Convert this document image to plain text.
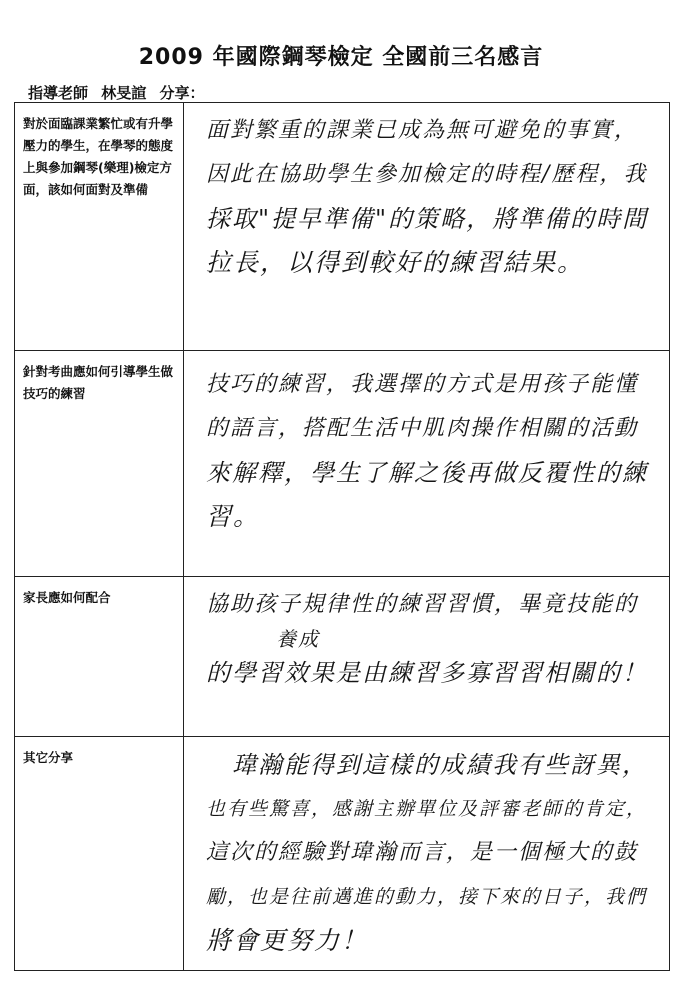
2009 年國際鋼琴檢定 全國前三名感言
指導老師 林旻諠 分享：
對於面臨課業繁忙或有升學壓力的學生，在學琴的態度上與參加鋼琴(樂理)檢定方面，該如何面對及準備	面對繁重的課業已成為無可避免的事實，
因此在協助學生參加檢定的時程/歷程，我
採取"提早準備"的策略，將準備的時間
拉長，以得到較好的練習結果。

針對考曲應如何引導學生做技巧的練習	技巧的練習，我選擇的方式是用孩子能懂
的語言，搭配生活中肌肉操作相關的活動
來解釋，學生了解之後再做反覆性的練
習。

家長應如何配合	協助孩子規律性的練習習慣，畢竟技能的
養成
的學習效果是由練習多寡習習相關的！

其它分享	　瑋瀚能得到這樣的成績我有些訝異，
也有些驚喜，感謝主辦單位及評審老師的肯定，
這次的經驗對瑋瀚而言，是一個極大的鼓
勵，也是往前邁進的動力，接下來的日子，我們
將會更努力！
